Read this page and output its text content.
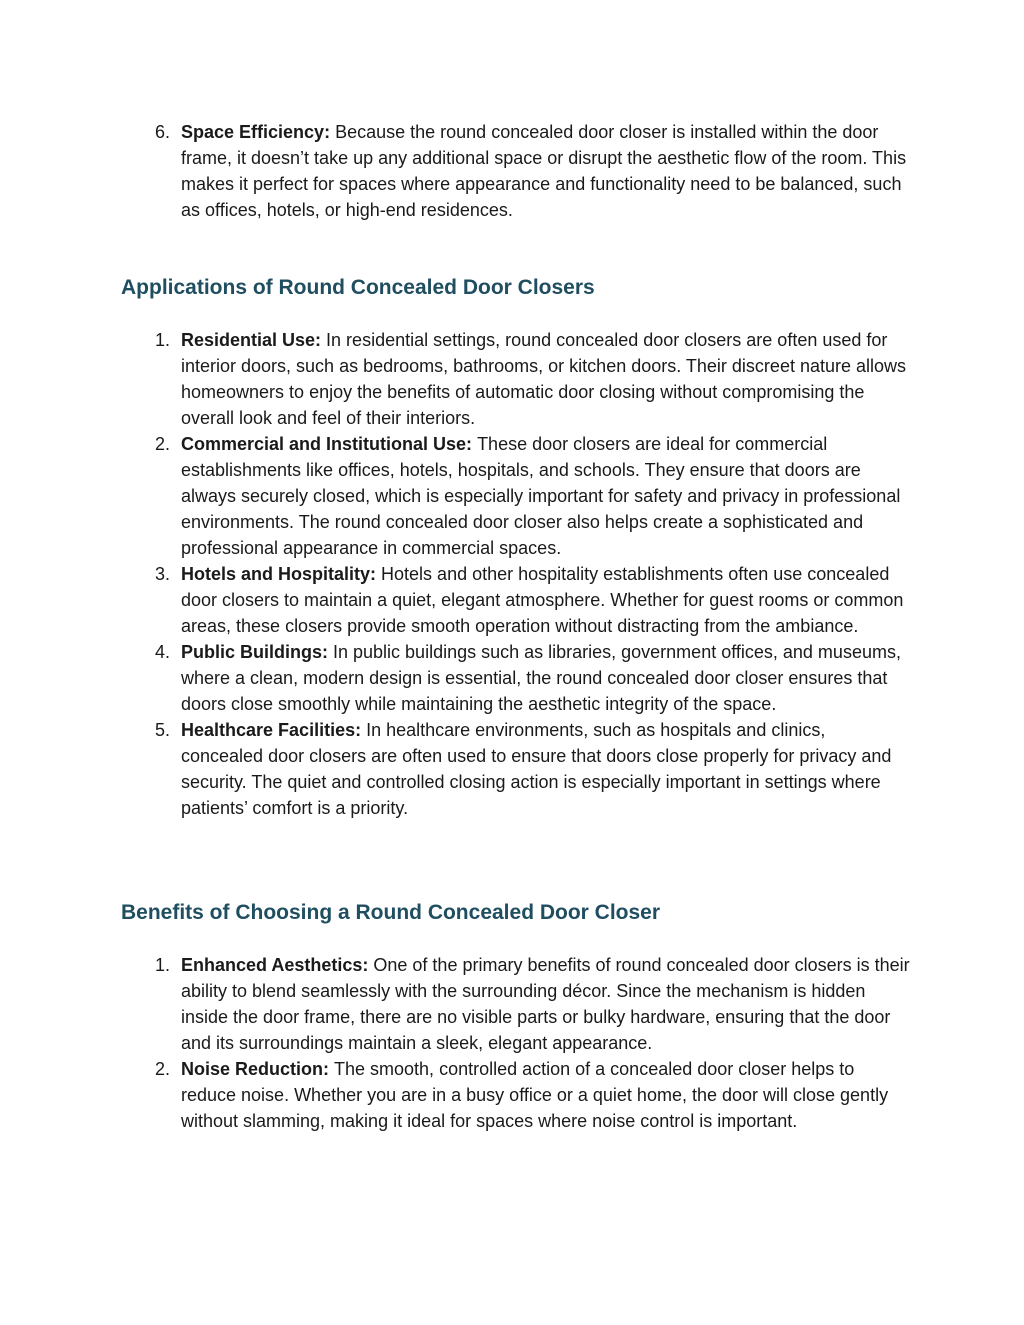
6. Space Efficiency: Because the round concealed door closer is installed within the door frame, it doesn’t take up any additional space or disrupt the aesthetic flow of the room. This makes it perfect for spaces where appearance and functionality need to be balanced, such as offices, hotels, or high-end residences.
Applications of Round Concealed Door Closers
1. Residential Use: In residential settings, round concealed door closers are often used for interior doors, such as bedrooms, bathrooms, or kitchen doors. Their discreet nature allows homeowners to enjoy the benefits of automatic door closing without compromising the overall look and feel of their interiors.
2. Commercial and Institutional Use: These door closers are ideal for commercial establishments like offices, hotels, hospitals, and schools. They ensure that doors are always securely closed, which is especially important for safety and privacy in professional environments. The round concealed door closer also helps create a sophisticated and professional appearance in commercial spaces.
3. Hotels and Hospitality: Hotels and other hospitality establishments often use concealed door closers to maintain a quiet, elegant atmosphere. Whether for guest rooms or common areas, these closers provide smooth operation without distracting from the ambiance.
4. Public Buildings: In public buildings such as libraries, government offices, and museums, where a clean, modern design is essential, the round concealed door closer ensures that doors close smoothly while maintaining the aesthetic integrity of the space.
5. Healthcare Facilities: In healthcare environments, such as hospitals and clinics, concealed door closers are often used to ensure that doors close properly for privacy and security. The quiet and controlled closing action is especially important in settings where patients’ comfort is a priority.
Benefits of Choosing a Round Concealed Door Closer
1. Enhanced Aesthetics: One of the primary benefits of round concealed door closers is their ability to blend seamlessly with the surrounding décor. Since the mechanism is hidden inside the door frame, there are no visible parts or bulky hardware, ensuring that the door and its surroundings maintain a sleek, elegant appearance.
2. Noise Reduction: The smooth, controlled action of a concealed door closer helps to reduce noise. Whether you are in a busy office or a quiet home, the door will close gently without slamming, making it ideal for spaces where noise control is important.
